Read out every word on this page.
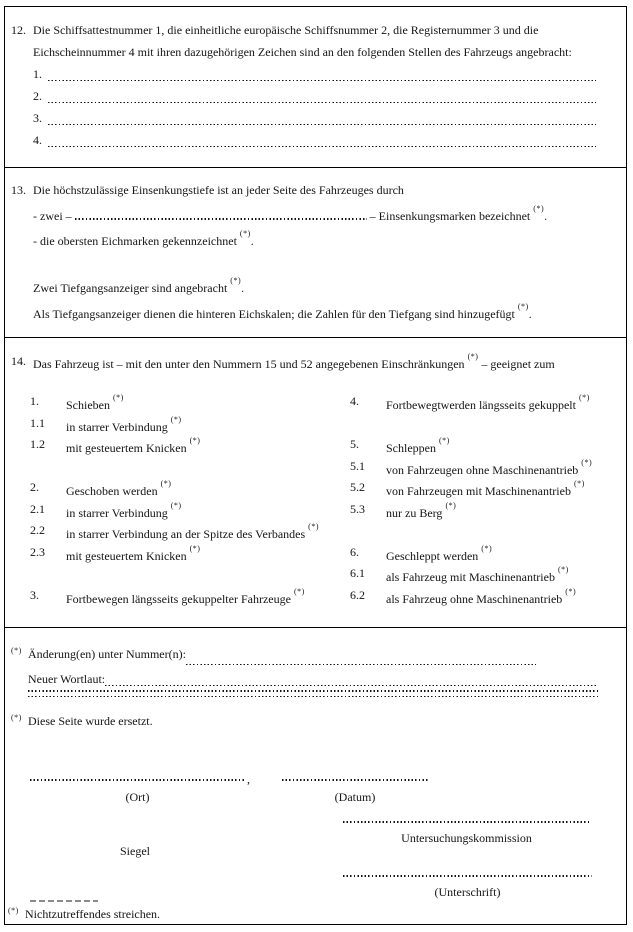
12. Die Schiffsattestnummer 1, die einheitliche europäische Schiffsnummer 2, die Registernummer 3 und die
Eichscheinnummer 4 mit ihren dazugehörigen Zeichen sind an den folgenden Stellen des Fahrzeugs angebracht:
1.
2.
3.
4.
13. Die höchstzulässige Einsenkungstiefe ist an jeder Seite des Fahrzeuges durch
- zwei –	– Einsenkungsmarken bezeichnet(*).
- die obersten Eichmarken gekennzeichnet(*).
Zwei Tiefgangsanzeiger sind angebracht(*).
Als Tiefgangsanzeiger dienen die hinteren Eichskalen; die Zahlen für den Tiefgang sind hinzugefügt(*).
14. Das Fahrzeug ist – mit den unter den Nummern 15 und 52 angegebenen Einschränkungen(*) – geeignet zum
1.	Schieben(*)
1.1	in starrer Verbindung(*)
1.2	mit gesteuertem Knicken(*)
2.	Geschoben werden(*)
2.1	in starrer Verbindung(*)
2.2	in starrer Verbindung an der Spitze des Verbandes(*)
2.3	mit gesteuertem Knicken(*)
3.	Fortbewegen längsseits gekuppelter Fahrzeuge(*)
4.	Fortbewegtwerden längsseits gekuppelt(*)
5.	Schleppen(*)
5.1	von Fahrzeugen ohne Maschinenantrieb(*)
5.2	von Fahrzeugen mit Maschinenantrieb(*)
5.3	nur zu Berg(*)
6.	Geschleppt werden(*)
6.1	als Fahrzeug mit Maschinenantrieb(*)
6.2	als Fahrzeug ohne Maschinenantrieb(*)
(*) Änderung(en) unter Nummer(n):
Neuer Wortlaut:
(*) Diese Seite wurde ersetzt.
,
(Ort)	(Datum)
Untersuchungskommission
Siegel
(Unterschrift)
(*) Nichtzutreffendes streichen.
